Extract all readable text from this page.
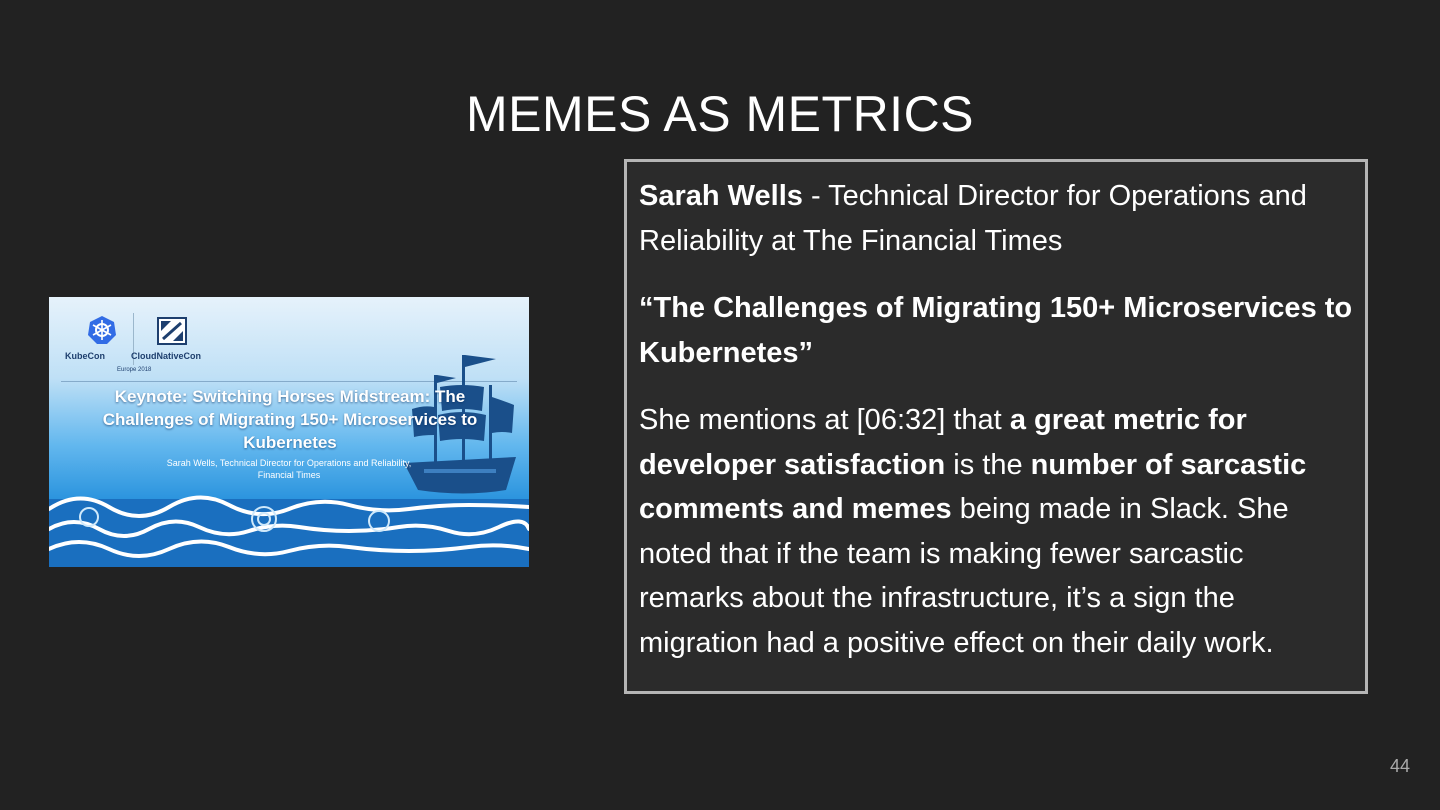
MEMES AS METRICS
KubeCon	CloudNativeCon
Europe 2018
Keynote: Switching Horses Midstream: The
Challenges of Migrating 150+ Microservices to
Kubernetes
Sarah Wells, Technical Director for Operations and Reliability,
Financial Times

Sarah Wells - Technical Director for Operations and Reliability at The Financial Times

“The Challenges of Migrating 150+ Microservices to Kubernetes”

She mentions at [06:32] that a great metric for developer satisfaction is the number of sarcastic comments and memes being made in Slack. She noted that if the team is making fewer sarcastic remarks about the infrastructure, it’s a sign the migration had a positive effect on their daily work.

44
